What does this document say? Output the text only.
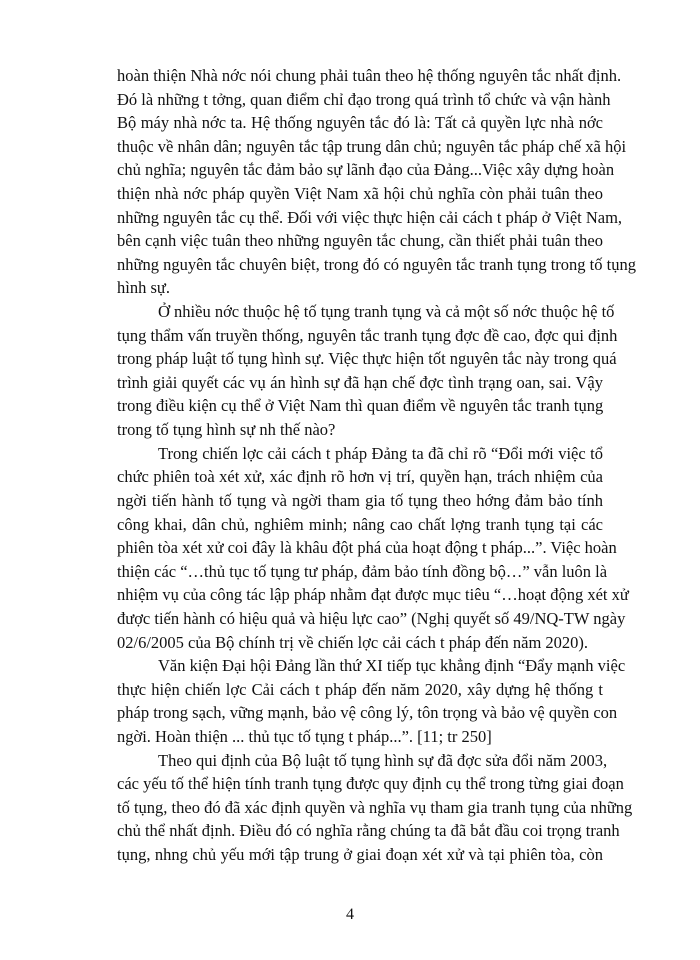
4
hoàn thiện Nhà nớc nói chung phải tuân theo hệ thống nguyên tắc nhất định.
Đó là những t tởng, quan điểm chỉ đạo trong quá trình tổ chức và vận hành
Bộ máy nhà nớc ta. Hệ thống nguyên tắc đó là: Tất cả quyền lực nhà nớc
thuộc về nhân dân; nguyên tắc tập trung dân chủ; nguyên tắc pháp chế xã hội
chủ nghĩa; nguyên tắc đảm bảo sự lãnh đạo của Đảng...Việc xây dựng hoàn
thiện nhà nớc pháp quyền Việt Nam xã hội chủ nghĩa còn phải tuân theo
những nguyên tắc cụ thể. Đối với việc thực hiện cải cách t pháp ở Việt Nam,
bên cạnh việc tuân theo những nguyên tắc chung, cần thiết phải tuân theo
những nguyên tắc chuyên biệt, trong đó có nguyên tắc tranh tụng trong tố tụng
hình sự.
Ở nhiều nớc thuộc hệ tố tụng tranh tụng và cả một số nớc thuộc hệ tố
tụng thẩm vấn truyền thống, nguyên tắc tranh tụng đợc đề cao, đợc qui định
trong pháp luật tố tụng hình sự. Việc thực hiện tốt nguyên tắc này trong quá
trình giải quyết các vụ án hình sự đã hạn chế đợc tình trạng oan, sai. Vậy
trong điều kiện cụ thể ở Việt Nam thì quan điểm về nguyên tắc tranh tụng
trong tố tụng hình sự nh thế nào?
Trong chiến lợc cải cách t pháp Đảng ta đã chỉ rõ “Đổi mới việc tổ
chức phiên toà xét xử, xác định rõ hơn vị trí, quyền hạn, trách nhiệm của
ngời tiến hành tố tụng và ngời tham gia tố tụng theo hớng đảm bảo tính
công khai, dân chủ, nghiêm minh; nâng cao chất lợng tranh tụng tại các
phiên tòa xét xử coi đây là khâu đột phá của hoạt động t pháp...”. Việc hoàn
thiện các “…thủ tục tố tụng tư pháp, đảm bảo tính đồng bộ…” vẫn luôn là
nhiệm vụ của công tác lập pháp nhằm đạt được mục tiêu “…hoạt động xét xử
được tiến hành có hiệu quả và hiệu lực cao” (Nghị quyết số 49/NQ-TW ngày
02/6/2005 của Bộ chính trị về chiến lợc cải cách t pháp đến năm 2020).
Văn kiện Đại hội Đảng lần thứ XI tiếp tục khẳng định “Đẩy mạnh việc
thực hiện chiến lợc Cải cách t pháp đến năm 2020, xây dựng hệ thống t
pháp trong sạch, vững mạnh, bảo vệ công lý, tôn trọng và bảo vệ quyền con
ngời. Hoàn thiện ... thủ tục tố tụng t pháp...”. [11; tr 250]
Theo qui định của Bộ luật tố tụng hình sự đã đợc sửa đổi năm 2003,
các yếu tố thể hiện tính tranh tụng được quy định cụ thể trong từng giai đoạn
tố tụng, theo đó đã xác định quyền và nghĩa vụ tham gia tranh tụng của những
chủ thể nhất định. Điều đó có nghĩa rằng chúng ta đã bắt đầu coi trọng tranh
tụng, nhng chủ yếu mới tập trung ở giai đoạn xét xử và tại phiên tòa, còn
